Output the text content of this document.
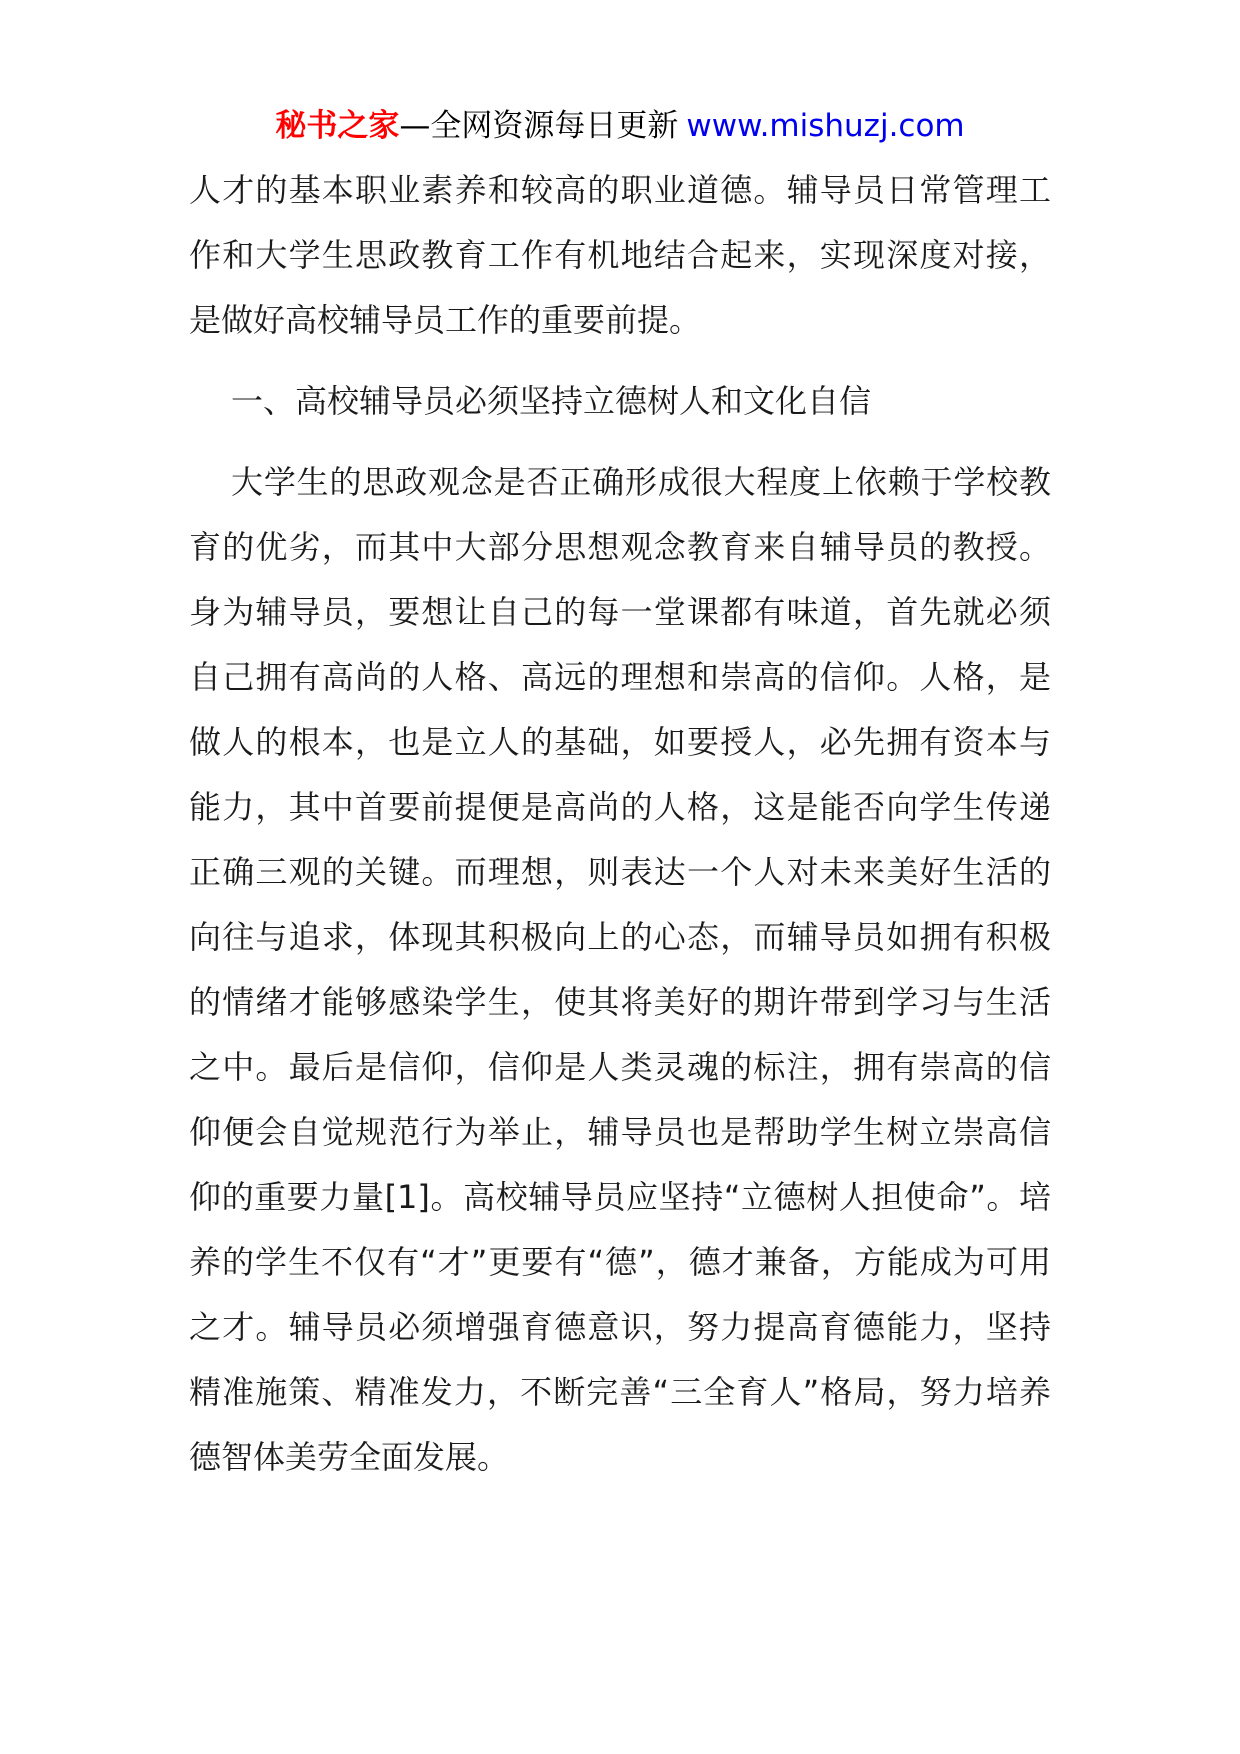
秘书之家—全网资源每日更新 www.mishuzj.com

人才的基本职业素养和较高的职业道德。辅导员日常管理工作和大学生思政教育工作有机地结合起来，实现深度对接，是做好高校辅导员工作的重要前提。

一、高校辅导员必须坚持立德树人和文化自信

大学生的思政观念是否正确形成很大程度上依赖于学校教育的优劣，而其中大部分思想观念教育来自辅导员的教授。身为辅导员，要想让自己的每一堂课都有味道，首先就必须自己拥有高尚的人格、高远的理想和崇高的信仰。人格，是做人的根本，也是立人的基础，如要授人，必先拥有资本与能力，其中首要前提便是高尚的人格，这是能否向学生传递正确三观的关键。而理想，则表达一个人对未来美好生活的向往与追求，体现其积极向上的心态，而辅导员如拥有积极的情绪才能够感染学生，使其将美好的期许带到学习与生活之中。最后是信仰，信仰是人类灵魂的标注，拥有崇高的信仰便会自觉规范行为举止，辅导员也是帮助学生树立崇高信仰的重要力量[1]。高校辅导员应坚持“立德树人担使命”。培养的学生不仅有“才”更要有“德”，德才兼备，方能成为可用之才。辅导员必须增强育德意识，努力提高育德能力，坚持精准施策、精准发力，不断完善“三全育人”格局，努力培养德智体美劳全面发展。
